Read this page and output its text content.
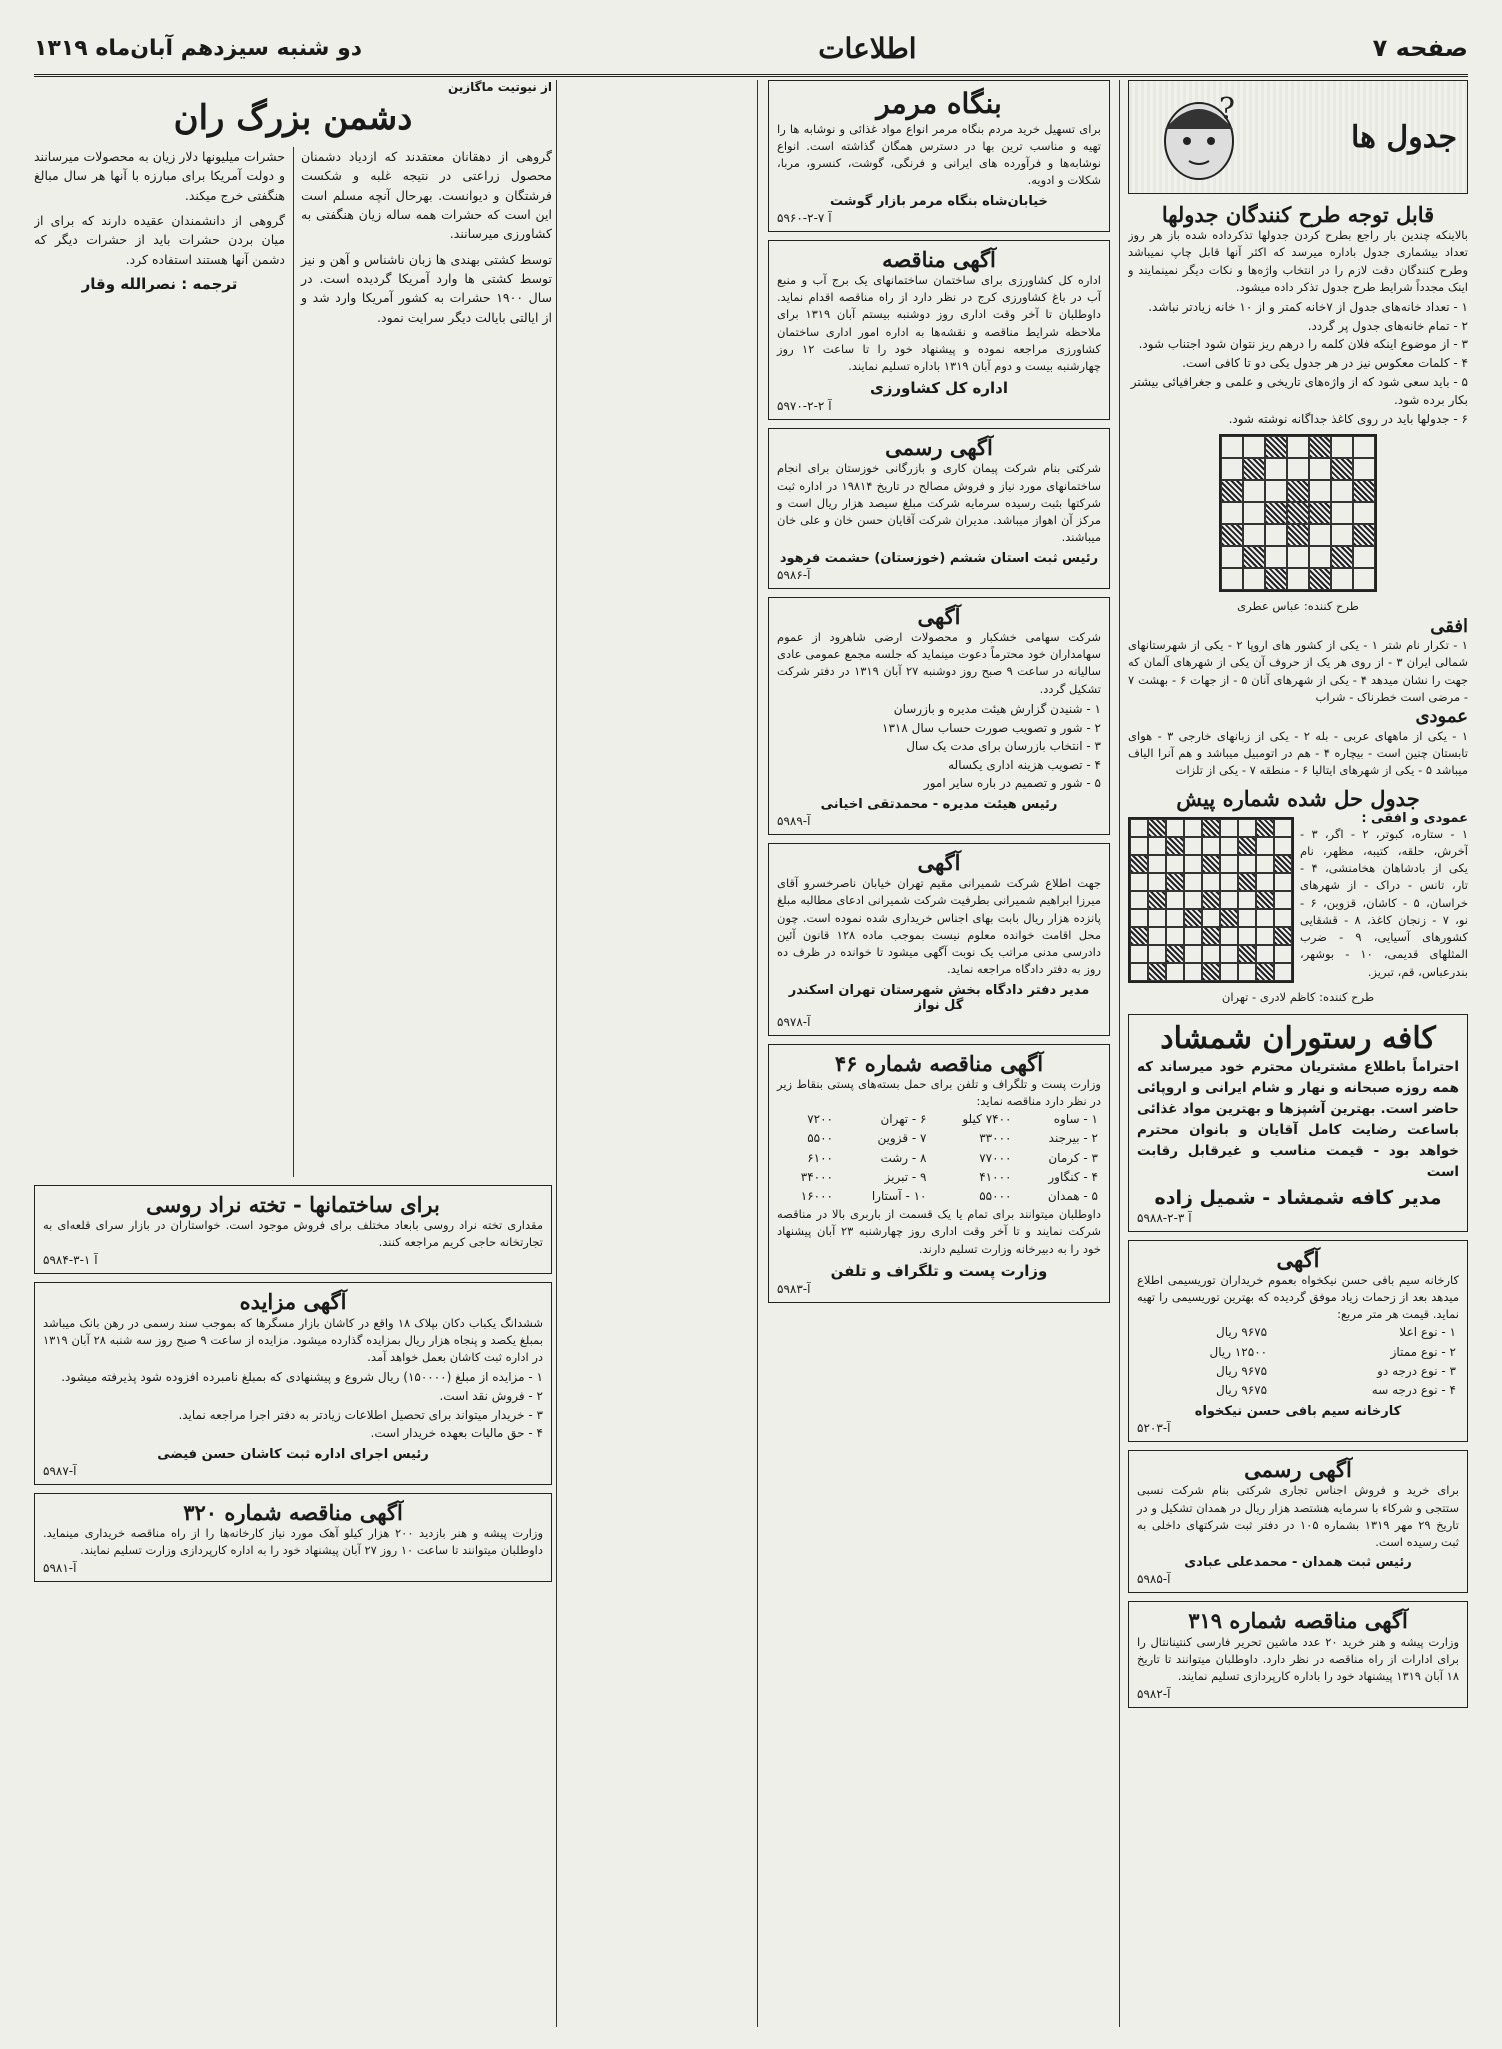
صفحه ۷
اطلاعات
دو شنبه سیزدهم آبان‌ماه ۱۳۱۹
جدول ها
?
قابل توجه طرح کنندگان جدولها
بالاینکه چندین بار راجع بطرح کردن جدولها تذکرداده شده باز هر روز تعداد بیشماری جدول باداره میرسد که اکثر آنها قابل چاپ نمیباشد وطرح کنندگان دقت لازم را در انتخاب واژه‌ها و نکات دیگر نمینمایند و اینک مجدداً شرایط طرح جدول تذکر داده میشود.
۱ - تعداد خانه‌های جدول از ۷خانه کمتر و از ۱۰ خانه زیادتر نباشد.
۲ - تمام خانه‌های جدول پر گردد.
۳ - از موضوع اینکه فلان کلمه را درهم ریز نتوان شود اجتناب شود.
۴ - کلمات معکوس نیز در هر جدول یکی دو تا کافی است.
۵ - باید سعی شود که از واژه‌های تاریخی و علمی و جغرافیائی بیشتر بکار برده شود.
۶ - جدولها باید در روی کاغذ جداگانه نوشته شود.
طرح کننده: عباس عطری
افقی
۱ - تکرار نام شتر ۱ - یکی از کشور های اروپا ۲ - یکی از شهرستانهای شمالی ایران ۳ - از روی هر یک از حروف آن یکی از شهرهای آلمان که جهت را نشان میدهد ۴ - یکی از شهرهای آنان ۵ - از جهات ۶ - بهشت ۷ - مرضی است خطرناک - شراب
عمودی
۱ - یکی از ماههای عربی - بله ۲ - یکی از زبانهای خارجی ۳ - هوای تابستان چنین است - بیچاره ۴ - هم در اتومبیل میباشد و هم آنرا الیاف میباشد ۵ - یکی از شهرهای ایتالیا ۶ - منطقه ۷ - یکی از تلزات
جدول حل شده شماره پیش
عمودی و افقی :
۱ - ستاره، کبوتر، ۲ - اگر، ۳ - آخرش، حلقه، کتیبه، مظهر، نام یکی از بادشاهان هخامنشی، ۴ - تار، تانس - دراک - از شهرهای خراسان، ۵ - کاشان، قزوین، ۶ - نو، ۷ - زنجان کاغذ، ۸ - قشقایی کشورهای آسیایی، ۹ - ضرب المثلهای قدیمی، ۱۰ - بوشهر، بندرعباس، قم، تبریز.
طرح کننده: کاظم لادری - تهران
کافه رستوران شمشاد
احتراماً باطلاع مشتریان محترم خود میرساند که همه روزه صبحانه و نهار و شام ایرانی و اروپائی حاضر است. بهترین آشپزها و بهترین مواد غذائی باساعت رضایت کامل آقایان و بانوان محترم خواهد بود - قیمت مناسب و غیرقابل رقابت است
مدیر کافه شمشاد - شمیل زاده
۵۹۸۸-آ ۳-۲
آگهی
کارخانه سیم بافی حسن نیکخواه بعموم خریداران توریسیمی اطلاع میدهد بعد از زحمات زیاد موفق گردیده که بهترین توریسیمی را تهیه نماید. قیمت هر متر مربع:
۱ - نوع اعلا	۹۶۷۵ ریال
۲ - نوع ممتاز	۱۲۵۰۰ ریال
۳ - نوع درجه دو	۹۶۷۵ ریال
۴ - نوع درجه سه	۹۶۷۵ ریال
کارخانه سیم بافی حسن نیکخواه
۵۲۰۳-آ
آگهی رسمی
برای خرید و فروش اجناس تجاری شرکتی بنام شرکت نسبی ستتجی و شرکاء با سرمایه هشتصد هزار ریال در همدان تشکیل و در تاریخ ۲۹ مهر ۱۳۱۹ بشماره ۱۰۵ در دفتر ثبت شرکتهای داخلی به ثبت رسیده است.
رئیس ثبت همدان - محمدعلی عبادی
۵۹۸۵-آ
آگهی مناقصه شماره ۳۱۹
وزارت پیشه و هنر خرید ۲۰ عدد ماشین تحریر فارسی کنتینانتال را برای ادارات از راه مناقصه در نظر دارد. داوطلبان میتوانند تا تاریخ ۱۸ آبان ۱۳۱۹ پیشنهاد خود را باداره کارپردازی تسلیم نمایند.
۵۹۸۲-آ
بنگاه مرمر
برای تسهیل خرید مردم بنگاه مرمر انواع مواد غذائی و نوشابه ها را تهیه و مناسب ترین بها در دسترس همگان گذاشته است. انواع نوشابه‌ها و فرآورده های ایرانی و فرنگی، گوشت، کنسرو، مربا، شکلات و ادویه.
خیابان‌شاه بنگاه مرمر بازار گوشت
۵۹۶۰-آ ۷-۲
آگهی مناقصه
اداره کل کشاورزی برای ساختمان ساختمانهای یک برج آب و منبع آب در باغ کشاورزی کرج در نظر دارد از راه مناقصه اقدام نماید. داوطلبان تا آخر وقت اداری روز دوشنبه بیستم آبان ۱۳۱۹ برای ملاحظه شرایط مناقصه و نقشه‌ها به اداره امور اداری ساختمان کشاورزی مراجعه نموده و پیشنهاد خود را تا ساعت ۱۲ روز چهارشنبه بیست و دوم آبان ۱۳۱۹ باداره تسلیم نمایند.
اداره کل کشاورزی
۵۹۷۰-آ ۲-۲
آگهی رسمی
شرکتی بنام شرکت پیمان کاری و بازرگانی خوزستان برای انجام ساختمانهای مورد نیاز و فروش مصالح در تاریخ ۱۹۸۱۴ در اداره ثبت شرکتها بثبت رسیده سرمایه شرکت مبلغ سیصد هزار ریال است و مرکز آن اهواز میباشد. مدیران شرکت آقایان حسن خان و علی خان میباشند.
رئیس ثبت استان ششم (خوزستان) حشمت فرهود
۵۹۸۶-آ
آگهی
شرکت سهامی خشکبار و محصولات ارضی شاهرود از عموم سهامداران خود محترماً دعوت مینماید که جلسه مجمع عمومی عادی سالیانه در ساعت ۹ صبح روز دوشنبه ۲۷ آبان ۱۳۱۹ در دفتر شرکت تشکیل گردد.
۱ - شنیدن گزارش هیئت مدیره و بازرسان
۲ - شور و تصویب صورت حساب سال ۱۳۱۸
۳ - انتخاب بازرسان برای مدت یک سال
۴ - تصویب هزینه اداری یکساله
۵ - شور و تصمیم در باره سایر امور
رئیس هیئت مدیره - محمدتقی اخیانی
۵۹۸۹-آ
آگهی
جهت اطلاع شرکت شمیرانی مقیم تهران خیابان ناصرخسرو آقای میرزا ابراهیم شمیرانی بطرفیت شرکت شمیرانی ادعای مطالبه مبلغ پانزده هزار ریال بابت بهای اجناس خریداری شده نموده است. چون محل اقامت خوانده معلوم نیست بموجب ماده ۱۲۸ قانون آئین دادرسی مدنی مراتب یک نوبت آگهی میشود تا خوانده در ظرف ده روز به دفتر دادگاه مراجعه نماید.
مدیر دفتر دادگاه بخش شهرستان تهران اسکندر گل نواز
۵۹۷۸-آ
آگهی مناقصه شماره ۴۶
وزارت پست و تلگراف و تلفن برای حمل بسته‌های پستی بنقاط زیر در نظر دارد مناقصه نماید:
۱ - ساوه	۷۴۰۰ کیلو	۶ - تهران	۷۲۰۰
۲ - بیرجند	۳۳۰۰۰	۷ - قزوین	۵۵۰۰
۳ - کرمان	۷۷۰۰۰	۸ - رشت	۶۱۰۰
۴ - کنگاور	۴۱۰۰۰	۹ - تبریز	۳۴۰۰۰
۵ - همدان	۵۵۰۰۰	۱۰ - آستارا	۱۶۰۰۰
داوطلبان میتوانند برای تمام یا یک قسمت از باربری بالا در مناقصه شرکت نمایند و تا آخر وقت اداری روز چهارشنبه ۲۳ آبان پیشنهاد خود را به دبیرخانه وزارت تسلیم دارند.
وزارت پست و تلگراف و تلفن
۵۹۸۳-آ
از نیوتیت ماگازین
دشمن بزرگ ران

گروهی از دهقانان معتقدند که ازدیاد دشمنان محصول زراعتی در نتیجه غلبه و شکست فرشتگان و دیوانست. بهرحال آنچه مسلم است این است که حشرات همه ساله زیان هنگفتی به کشاورزی میرسانند.

توسط کشتی بهندی ها زبان ناشناس و آهن و نیز توسط کشتی ها وارد آمریکا گردیده است. در سال ۱۹۰۰ حشرات به کشور آمریکا وارد شد و از ایالتی بایالت دیگر سرایت نمود.

حشرات میلیونها دلار زیان به محصولات میرسانند و دولت آمریکا برای مبارزه با آنها هر سال مبالغ هنگفتی خرج میکند.

گروهی از دانشمندان عقیده دارند که برای از میان بردن حشرات باید از حشرات دیگر که دشمن آنها هستند استفاده کرد.

ترجمه : نصرالله وقار
برای ساختمانها - تخته نراد روسی
مقداری تخته نراد روسی بابعاد مختلف برای فروش موجود است. خواستاران در بازار سرای قلعه‌ای به تجارتخانه حاجی کریم مراجعه کنند.
۵۹۸۴-آ ۱-۳
آگهی مزایده
ششدانگ یکباب دکان بپلاک ۱۸ واقع در کاشان بازار مسگرها که بموجب سند رسمی در رهن بانک میباشد بمبلغ یکصد و پنجاه هزار ریال بمزایده گذارده میشود. مزایده از ساعت ۹ صبح روز سه شنبه ۲۸ آبان ۱۳۱۹ در اداره ثبت کاشان بعمل خواهد آمد.
۱ - مزایده از مبلغ (۱۵۰۰۰۰) ریال شروع و پیشنهادی که بمبلغ نامبرده افزوده شود پذیرفته میشود.
۲ - فروش نقد است.
۳ - خریدار میتواند برای تحصیل اطلاعات زیادتر به دفتر اجرا مراجعه نماید.
۴ - حق مالیات بعهده خریدار است.
رئیس اجرای اداره ثبت کاشان حسن فیضی
۵۹۸۷-آ
آگهی مناقصه شماره ۳۲۰
وزارت پیشه و هنر بازدید ۲۰۰ هزار کیلو آهک مورد نیاز کارخانه‌ها را از راه مناقصه خریداری مینماید. داوطلبان میتوانند تا ساعت ۱۰ روز ۲۷ آبان پیشنهاد خود را به اداره کارپردازی وزارت تسلیم نمایند.
۵۹۸۱-آ
